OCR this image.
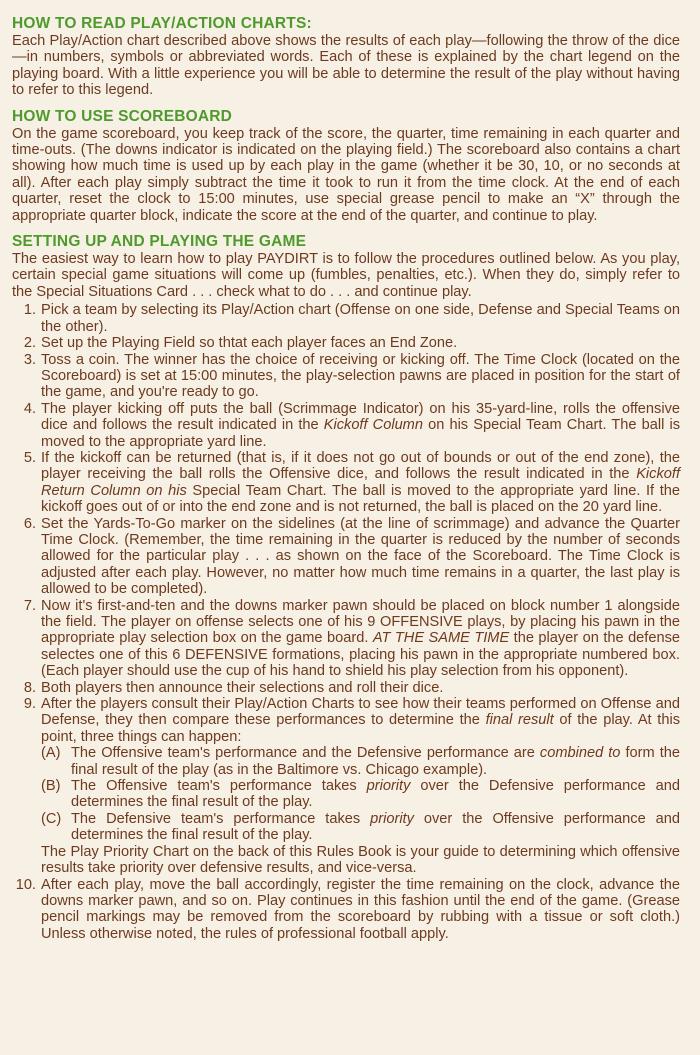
HOW TO READ PLAY/ACTION CHARTS:

Each Play/Action chart described above shows the results of each play—following the throw of the dice—in numbers, symbols or abbreviated words. Each of these is explained by the chart legend on the playing board. With a little experience you will be able to determine the result of the play without having to refer to this legend.

HOW TO USE SCOREBOARD

On the game scoreboard, you keep track of the score, the quarter, time remaining in each quarter and time-outs. (The downs indicator is indicated on the playing field.) The scoreboard also contains a chart showing how much time is used up by each play in the game (whether it be 30, 10, or no seconds at all). After each play simply subtract the time it took to run it from the time clock. At the end of each quarter, reset the clock to 15:00 minutes, use special grease pencil to make an “X” through the appropriate quarter block, indicate the score at the end of the quarter, and continue to play.

SETTING UP AND PLAYING THE GAME

The easiest way to learn how to play PAYDIRT is to follow the procedures outlined below. As you play, certain special game situations will come up (fumbles, penalties, etc.). When they do, simply refer to the Special Situations Card . . . check what to do . . . and continue play.

1. Pick a team by selecting its Play/Action chart (Offense on one side, Defense and Special Teams on the other).
2. Set up the Playing Field so thtat each player faces an End Zone.
3. Toss a coin. The winner has the choice of receiving or kicking off. The Time Clock (located on the Scoreboard) is set at 15:00 minutes, the play-selection pawns are placed in position for the start of the game, and you're ready to go.
4. The player kicking off puts the ball (Scrimmage Indicator) on his 35-yard-line, rolls the offensive dice and follows the result indicated in the Kickoff Column on his Special Team Chart. The ball is moved to the appropriate yard line.
5. If the kickoff can be returned (that is, if it does not go out of bounds or out of the end zone), the player receiving the ball rolls the Offensive dice, and follows the result indicated in the Kickoff Return Column on his Special Team Chart. The ball is moved to the appropriate yard line. If the kickoff goes out of or into the end zone and is not returned, the ball is placed on the 20 yard line.
6. Set the Yards-To-Go marker on the sidelines (at the line of scrimmage) and advance the Quarter Time Clock. (Remember, the time remaining in the quarter is reduced by the number of seconds allowed for the particular play . . . as shown on the face of the Scoreboard. The Time Clock is adjusted after each play. However, no matter how much time remains in a quarter, the last play is allowed to be completed).
7. Now it's first-and-ten and the downs marker pawn should be placed on block number 1 alongside the field. The player on offense selects one of his 9 OFFENSIVE plays, by placing his pawn in the appropriate play selection box on the game board. AT THE SAME TIME the player on the defense selectes one of this 6 DEFENSIVE formations, placing his pawn in the appropriate numbered box. (Each player should use the cup of his hand to shield his play selection from his opponent).
8. Both players then announce their selections and roll their dice.
9. After the players consult their Play/Action Charts to see how their teams performed on Offense and Defense, they then compare these performances to determine the final result of the play. At this point, three things can happen:
(A) The Offensive team's performance and the Defensive performance are combined to form the final result of the play (as in the Baltimore vs. Chicago example).
(B) The Offensive team's performance takes priority over the Defensive performance and determines the final result of the play.
(C) The Defensive team's performance takes priority over the Offensive performance and determines the final result of the play.
The Play Priority Chart on the back of this Rules Book is your guide to determining which offensive results take priority over defensive results, and vice-versa.
10. After each play, move the ball accordingly, register the time remaining on the clock, advance the downs marker pawn, and so on. Play continues in this fashion until the end of the game. (Grease pencil markings may be removed from the scoreboard by rubbing with a tissue or soft cloth.) Unless otherwise noted, the rules of professional football apply.
